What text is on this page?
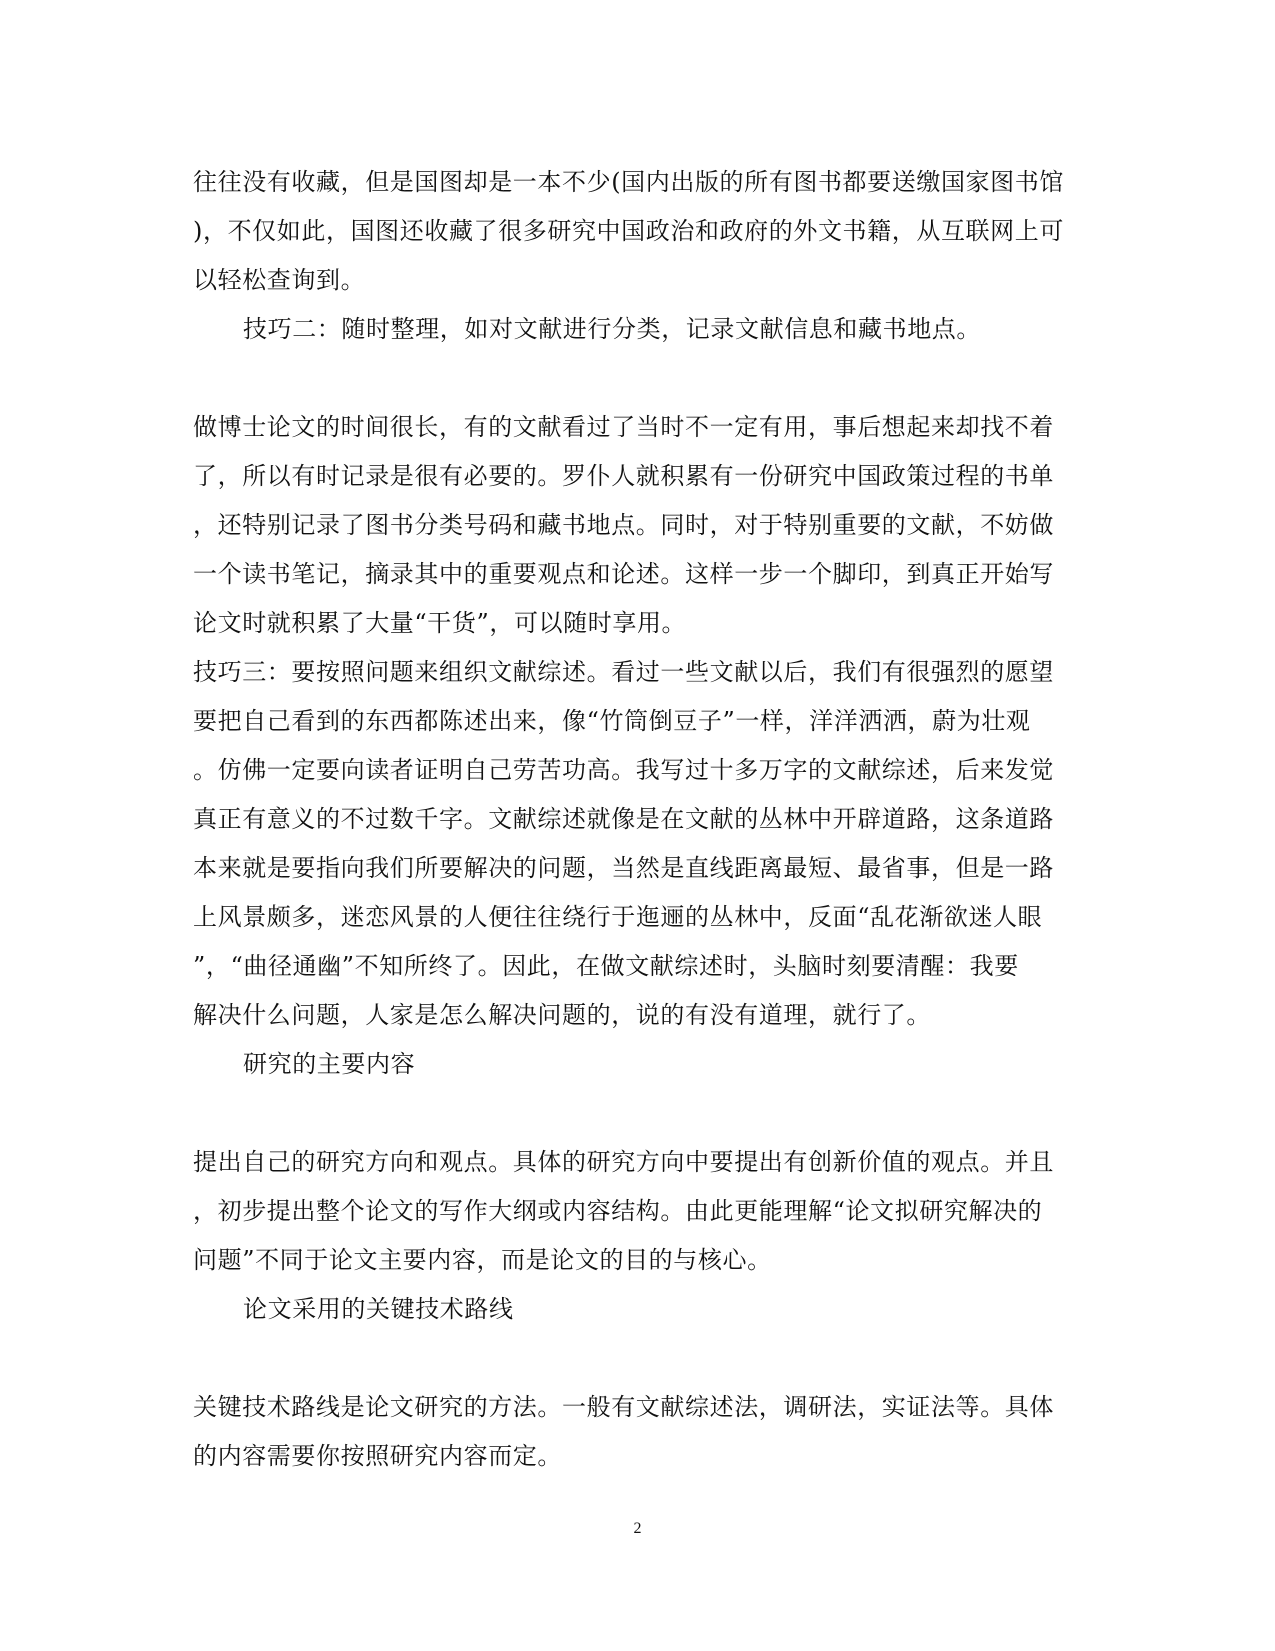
往往没有收藏，但是国图却是一本不少(国内出版的所有图书都要送缴国家图书馆
)，不仅如此，国图还收藏了很多研究中国政治和政府的外文书籍，从互联网上可
以轻松查询到。
技巧二：随时整理，如对文献进行分类，记录文献信息和藏书地点。
做博士论文的时间很长，有的文献看过了当时不一定有用，事后想起来却找不着
了，所以有时记录是很有必要的。罗仆人就积累有一份研究中国政策过程的书单
，还特别记录了图书分类号码和藏书地点。同时，对于特别重要的文献，不妨做
一个读书笔记，摘录其中的重要观点和论述。这样一步一个脚印，到真正开始写
论文时就积累了大量“干货”，可以随时享用。
技巧三：要按照问题来组织文献综述。看过一些文献以后，我们有很强烈的愿望
要把自己看到的东西都陈述出来，像“竹筒倒豆子”一样，洋洋洒洒，蔚为壮观
。仿佛一定要向读者证明自己劳苦功高。我写过十多万字的文献综述，后来发觉
真正有意义的不过数千字。文献综述就像是在文献的丛林中开辟道路，这条道路
本来就是要指向我们所要解决的问题，当然是直线距离最短、最省事，但是一路
上风景颇多，迷恋风景的人便往往绕行于迤逦的丛林中，反面“乱花渐欲迷人眼
”，“曲径通幽”不知所终了。因此，在做文献综述时，头脑时刻要清醒：我要
解决什么问题，人家是怎么解决问题的，说的有没有道理，就行了。
研究的主要内容
提出自己的研究方向和观点。具体的研究方向中要提出有创新价值的观点。并且
，初步提出整个论文的写作大纲或内容结构。由此更能理解“论文拟研究解决的
问题”不同于论文主要内容，而是论文的目的与核心。
论文采用的关键技术路线
关键技术路线是论文研究的方法。一般有文献综述法，调研法，实证法等。具体
的内容需要你按照研究内容而定。
2
